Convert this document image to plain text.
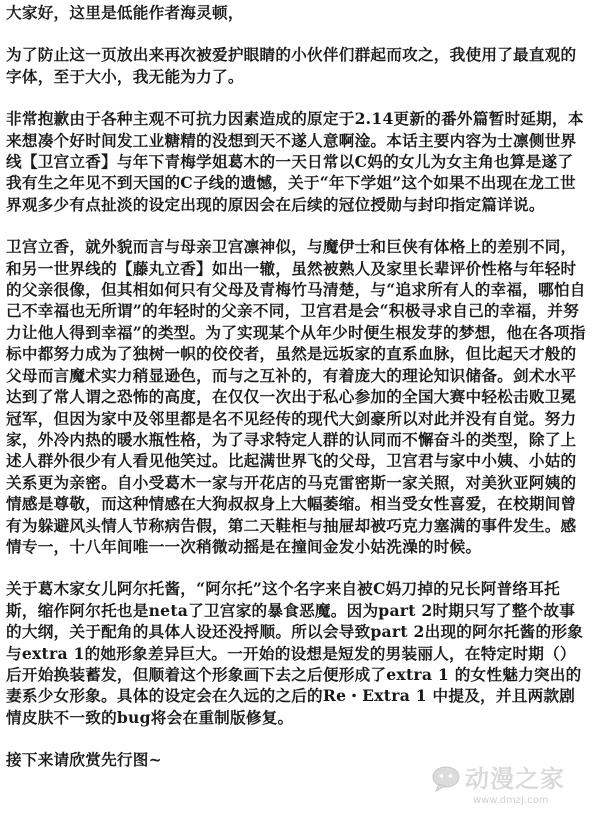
大家好，这里是低能作者海灵顿，

为了防止这一页放出来再次被爱护眼睛的小伙伴们群起而攻之，我使用了最直观的字体，至于大小，我无能为力了。

非常抱歉由于各种主观不可抗力因素造成的原定于2.14更新的番外篇暂时延期，本来想凑个好时间发工业糖精的没想到天不遂人意啊淦。本话主要内容为士凛侧世界线【卫宫立香】与年下青梅学姐葛木的一天日常以C妈的女儿为女主角也算是遂了我有生之年见不到天国的C子线的遗憾，关于“年下学姐”这个如果不出现在龙工世界观多少有点扯淡的设定出现的原因会在后续的冠位授勋与封印指定篇详说。

卫宫立香，就外貌而言与母亲卫宫凛神似，与魔伊士和巨侠有体格上的差别不同，和另一世界线的【藤丸立香】如出一辙，虽然被熟人及家里长辈评价性格与年轻时的父亲很像，但其相如何只有父母及青梅竹马清楚，与“追求所有人的幸福，哪怕自己不幸福也无所谓”的年轻时的父亲不同，卫宫君是会“积极寻求自己的幸福，并努力让他人得到幸福”的类型。为了实现某个从年少时便生根发芽的梦想，他在各项指标中都努力成为了独树一帜的佼佼者，虽然是远坂家的直系血脉，但比起天才般的父母而言魔术实力稍显逊色，而与之互补的，有着庞大的理论知识储备。剑术水平达到了常人谓之恐怖的高度，在仅仅一次出于私心参加的全国大赛中轻松击败卫冕冠军，但因为家中及邻里都是名不见经传的现代大剑豪所以对此并没有自觉。努力家，外冷内热的暖水瓶性格，为了寻求特定人群的认同而不懈奋斗的类型，除了上述人群外很少有人看见他笑过。比起满世界飞的父母，卫宫君与家中小姨、小姑的关系更为亲密。自小受葛木一家与开花店的马克雷密斯一家关照，对美狄亚阿姨的情感是尊敬，而这种情感在大狗叔叔身上大幅萎缩。相当受女性喜爱，在校期间曾有为躲避风头情人节称病告假，第二天鞋柜与抽屉却被巧克力塞满的事件发生。感情专一，十八年间唯一一次稍微动摇是在撞间金发小姑洗澡的时候。

关于葛木家女儿阿尔托酱，“阿尔托”这个名字来自被C妈刀掉的兄长阿普络耳托斯，缩作阿尔托也是neta了卫宫家的暴食恶魔。因为part 2时期只写了整个故事的大纲，关于配角的具体人设还没捋顺。所以会导致part 2出现的阿尔托酱的形象与extra 1的她形象差异巨大。一开始的设想是短发的男装丽人，在特定时期（）后开始换装蓄发，但顺着这个形象画下去之后便形成了extra 1 的女性魅力突出的妻系少女形象。具体的设定会在久远的之后的Re・Extra 1 中提及，并且两款剧情皮肤不一致的bug将会在重制版修复。

接下来请欣赏先行图~

动漫之家
www.dmzj.com
